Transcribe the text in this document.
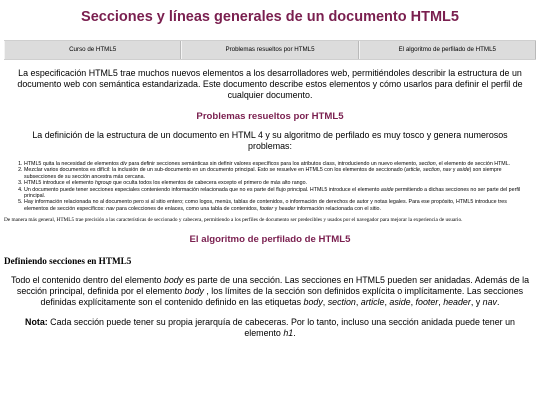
Secciones y líneas generales de un documento HTML5
Curso de HTML5	Problemas resueltos por HTML5	El algoritmo de perfilado de HTML5

La especificación HTML5 trae muchos nuevos elementos a los desarrolladores web, permitiéndoles describir la estructura de un documento web con semántica estandarizada. Este documento describe estos elementos y cómo usarlos para definir el perfil de cualquier documento.

Problemas resueltos por HTML5

La definición de la estructura de un documento en HTML 4 y su algoritmo de perfilado es muy tosco y genera numerosos problemas:

1. HTML5 quita la necesidad de elementos div para definir secciones semánticas sin definir valores específicos para los atributos class, introduciendo un nuevo elemento, section, el elemento de sección HTML.
2. Mezclar varios documentos es difícil: la inclusión de un sub-documento en un documento principal. Esto se resuelve en HTML5 con los elementos de seccionado (article, section, nav y aside) son siempre subsecciones de su sección ancestra más cercana.
3. HTML5 introduce el elemento hgroup que oculta todos los elementos de cabecera excepto el primero de más alto rango.
4. Un documento puede tener secciones especiales conteniendo información relacionada que no es parte del flujo principal. HTML5 introduce el elemento aside permitiendo a dichas secciones no ser parte del perfil principal.
5. Hay información relacionada no al documento pero si al sitio entero; como logos, menús, tablas de contenidos, o información de derechos de autor y notas legales. Para ese propósito, HTML5 introduce tres elementos de sección específicos: nav para colecciones de enlaces, como una tabla de contenidos, footer y header información relacionada con el sitio.

De manera más general, HTML5 trae precisión a las características de seccionado y cabecera, permitiendo a los perfiles de documento ser predecibles y usados por el navegador para mejorar la experiencia de usuario.

El algoritmo de perfilado de HTML5
Definiendo secciones en HTML5

Todo el contenido dentro del elemento body es parte de una sección. Las secciones en HTML5 pueden ser anidadas. Además de la sección principal, definida por el elemento body , los límites de la sección son definidos explícita o implícitamente. Las secciones definidas explícitamente son el contenido definido en las etiquetas body, section, article, aside, footer, header, y nav.

Nota: Cada sección puede tener su propia jerarquía de cabeceras. Por lo tanto, incluso una sección anidada puede tener un elemento h1.
